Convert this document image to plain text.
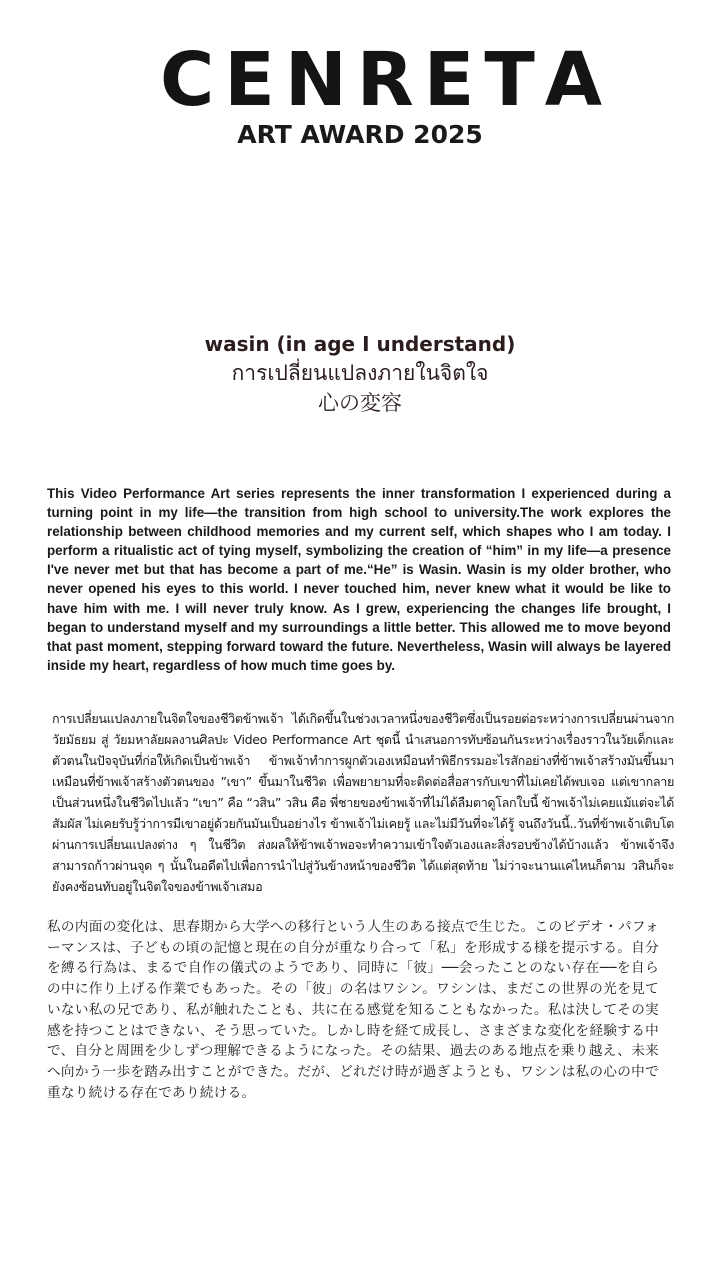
CENREТА
ART AWARD 2025
wasin (in age I understand)
การเปลี่ยนแปลงภายในจิตใจ
心の変容
This Video Performance Art series represents the inner transformation I experienced during a turning point in my life—the transition from high school to university.The work explores the relationship between childhood memories and my current self, which shapes who I am today. I perform a ritualistic act of tying myself, symbolizing the creation of “him” in my life—a presence I've never met but that has become a part of me.“He” is Wasin. Wasin is my older brother, who never opened his eyes to this world. I never touched him, never knew what it would be like to have him with me. I will never truly know. As I grew, experiencing the changes life brought, I began to understand myself and my surroundings a little better. This allowed me to move beyond that past moment, stepping forward toward the future. Nevertheless, Wasin will always be layered inside my heart, regardless of how much time goes by.
การเปลี่ยนแปลงภายในจิตใจของชีวิตข้าพเจ้า ได้เกิดขึ้นในช่วงเวลาหนึ่งของชีวิตซึ่งเป็นรอยต่อระหว่างการเปลี่ยนผ่านจากวัยมัธยม สู่ วัยมหาลัยผลงานศิลปะ Video Performance Art ชุดนี้ นำเสนอการทับซ้อนกันระหว่างเรื่องราวในวัยเด็กและตัวตนในปัจจุบันที่ก่อให้เกิดเป็นข้าพเจ้า ข้าพเจ้าทำการผูกตัวเองเหมือนทำพิธีกรรมอะไรสักอย่างที่ข้าพเจ้าสร้างมันขึ้นมา เหมือนที่ข้าพเจ้าสร้างตัวตนของ ”เขา” ขึ้นมาในชีวิต เพื่อพยายามที่จะติดต่อสื่อสารกับเขาที่ไม่เคยได้พบเจอ แต่เขากลายเป็นส่วนหนึ่งในชีวิตไปแล้ว “เขา” คือ “วสิน” วสิน คือ พี่ชายของข้าพเจ้าที่ไม่ได้ลืมตาดูโลกใบนี้ ข้าพเจ้าไม่เคยแม้แต่จะได้สัมผัส ไม่เคยรับรู้ว่าการมีเขาอยู่ด้วยกันมันเป็นอย่างไร ข้าพเจ้าไม่เคยรู้ และไม่มีวันที่จะได้รู้ จนถึงวันนี้..วันที่ข้าพเจ้าเติบโต ผ่านการเปลี่ยนแปลงต่าง ๆ ในชีวิต ส่งผลให้ข้าพเจ้าพอจะทำความเข้าใจตัวเองและสิ่งรอบข้างได้บ้างแล้ว ข้าพเจ้าจึงสามารถก้าวผ่านจุด ๆ นั้นในอดีตไปเพื่อการนำไปสู่วันข้างหน้าของชีวิต ได้แต่สุดท้าย ไม่ว่าจะนานแค่ไหนก็ตาม วสินก็จะยังคงซ้อนทับอยู่ในจิตใจของข้าพเจ้าเสมอ
私の内面の変化は、思春期から大学への移行という人生のある接点で生じた。このビデオ・パフォーマンスは、子どもの頃の記憶と現在の自分が重なり合って「私」を形成する様を提示する。自分を縛る行為は、まるで自作の儀式のようであり、同時に「彼」──会ったことのない存在──を自らの中に作り上げる作業でもあった。その「彼」の名はワシン。ワシンは、まだこの世界の光を見ていない私の兄であり、私が触れたことも、共に在る感覚を知ることもなかった。私は決してその実感を持つことはできない、そう思っていた。しかし時を経て成長し、さまざまな変化を経験する中で、自分と周囲を少しずつ理解できるようになった。その結果、過去のある地点を乗り越え、未来へ向かう一歩を踏み出すことができた。だが、どれだけ時が過ぎようとも、ワシンは私の心の中で重なり続ける存在であり続ける。
